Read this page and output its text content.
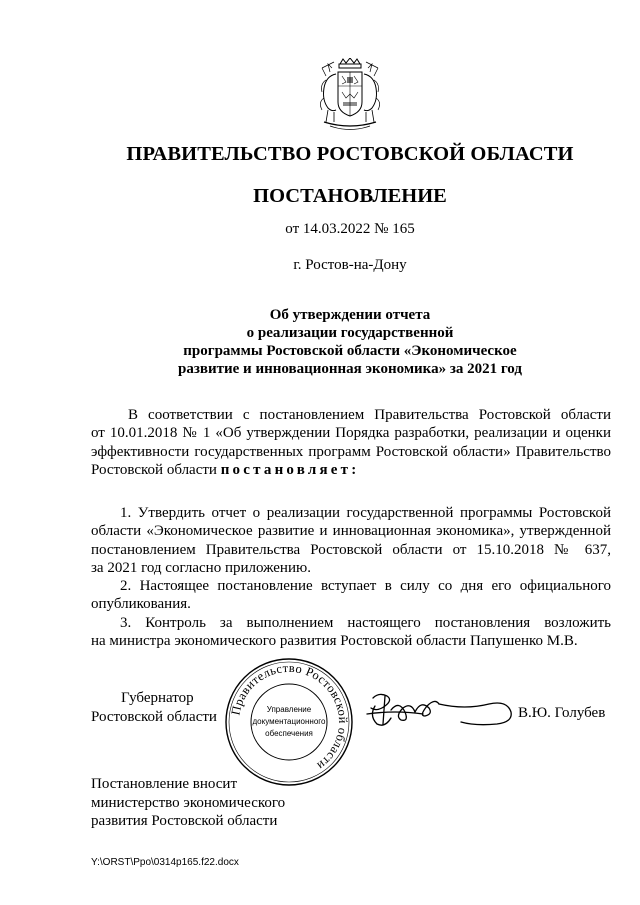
ПРАВИТЕЛЬСТВО РОСТОВСКОЙ ОБЛАСТИ
ПОСТАНОВЛЕНИЕ
от 14.03.2022 № 165
г. Ростов-на-Дону
Об утверждении отчета
о реализации государственной
программы Ростовской области «Экономическое
развитие и инновационная экономика» за 2021 год
В соответствии с постановлением Правительства Ростовской области
от 10.01.2018 № 1 «Об утверждении Порядка разработки, реализации и оценки
эффективности государственных программ Ростовской области» Правительство
Ростовской области постановляет:
1. Утвердить отчет о реализации государственной программы Ростовской
области «Экономическое развитие и инновационная экономика», утвержденной
постановлением Правительства Ростовской области от 15.10.2018 № 637,
за 2021 год согласно приложению.
2. Настоящее постановление вступает в силу со дня его официального
опубликования.
3. Контроль за выполнением настоящего постановления возложить
на министра экономического развития Ростовской области Папушенко М.В.
Губернатор
Ростовской области Правительство Ростовской области
Управление
документационного
обеспечения
В.Ю. Голубев
Постановление вносит
министерство экономического
развития Ростовской области
Y:\ORST\Ppo\0314p165.f22.docx
